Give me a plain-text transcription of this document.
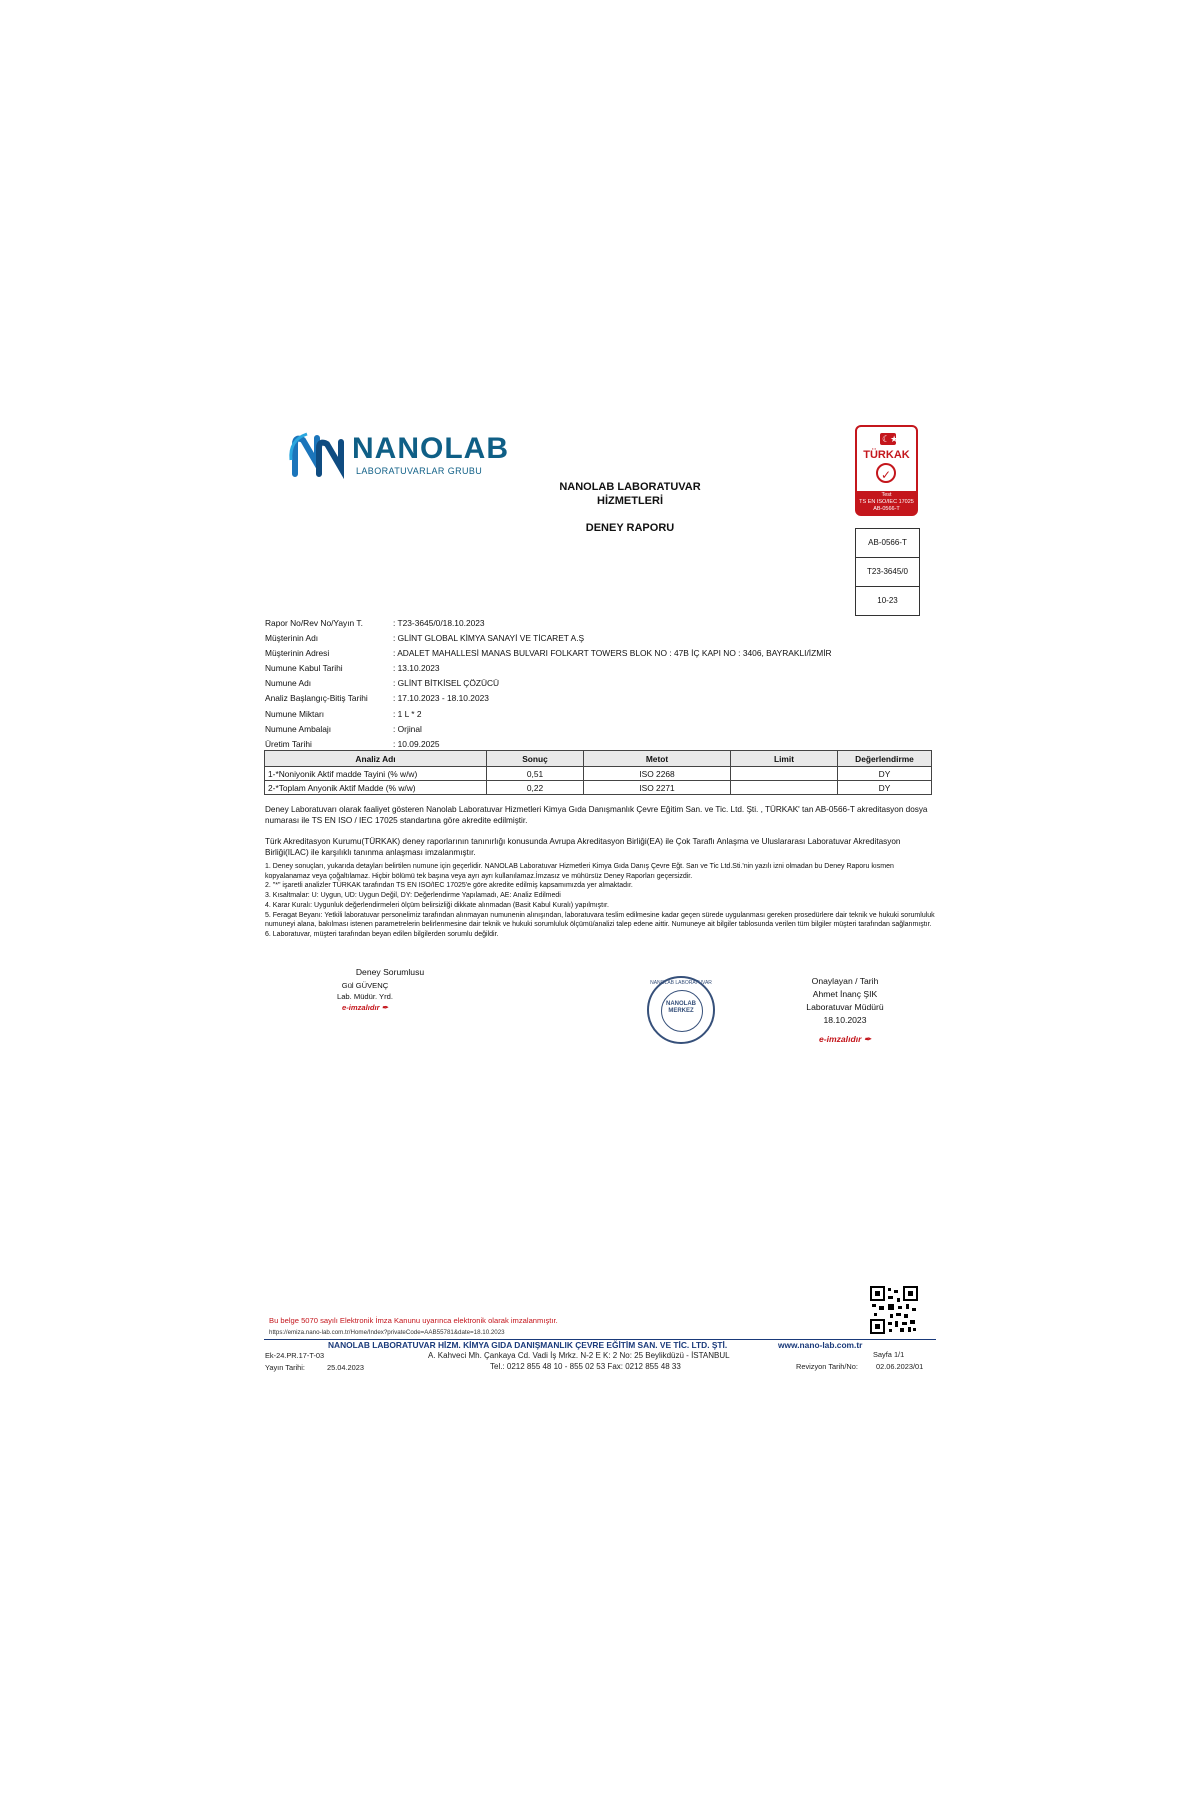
NANOLAB
LABORATUVARLAR GRUBU
NANOLAB LABORATUVAR
HİZMETLERİ
DENEY RAPORU
☾★
TÜRKAK
✓
Test
TS EN ISO/IEC 17025
AB-0566-T
AB-0566-T
T23-3645/0
10-23
Rapor No/Rev No/Yayın T.	: T23-3645/0/18.10.2023
Müşterinin Adı	: GLİNT GLOBAL KİMYA SANAYİ VE TİCARET A.Ş
Müşterinin Adresi	: ADALET MAHALLESİ MANAS BULVARI FOLKART TOWERS BLOK NO : 47B İÇ KAPI NO : 3406, BAYRAKLI/İZMİR
Numune Kabul Tarihi	: 13.10.2023
Numune Adı	: GLİNT BİTKİSEL ÇÖZÜCÜ
Analiz Başlangıç-Bitiş Tarihi	: 17.10.2023 - 18.10.2023
Numune Miktarı	: 1 L * 2
Numune Ambalajı	: Orjinal
Üretim Tarihi	: 10.09.2025
Analiz Adı	Sonuç	Metot	Limit	Değerlendirme
1-*Noniyonik Aktif madde Tayini (% w/w)	0,51	ISO 2268		DY
2-*Toplam Anyonik Aktif Madde (% w/w)	0,22	ISO 2271		DY
Deney Laboratuvarı olarak faaliyet gösteren Nanolab Laboratuvar Hizmetleri Kimya Gıda Danışmanlık Çevre Eğitim San. ve Tic. Ltd. Şti. , TÜRKAK' tan AB-0566-T akreditasyon dosya numarası ile TS EN ISO / IEC 17025 standartına göre akredite edilmiştir.
Türk Akreditasyon Kurumu(TÜRKAK) deney raporlarının tanınırlığı konusunda Avrupa Akreditasyon Birliği(EA) ile Çok Taraflı Anlaşma ve Uluslararası Laboratuvar Akreditasyon Birliği(ILAC) ile karşılıklı tanınma anlaşması imzalanmıştır.
1. Deney sonuçları, yukarıda detayları belirtilen numune için geçerlidir. NANOLAB Laboratuvar Hizmetleri Kimya Gıda Danış Çevre Eğt. San ve Tic Ltd.Sti.'nin yazılı izni olmadan bu Deney Raporu kısmen kopyalanamaz veya çoğaltılamaz. Hiçbir bölümü tek başına veya ayrı ayrı kullanılamaz.İmzasız ve mühürsüz Deney Raporları geçersizdir.
2. "*" işaretli analizler TÜRKAK tarafından TS EN ISO/IEC 17025'e göre akredite edilmiş kapsamımızda yer almaktadır.
3. Kısaltmalar: U: Uygun, UD: Uygun Değil, DY: Değerlendirme Yapılamadı, AE: Analiz Edilmedi
4. Karar Kuralı: Uygunluk değerlendirmeleri ölçüm belirsizliği dikkate alınmadan (Basit Kabul Kuralı) yapılmıştır.
5. Feragat Beyanı: Yetkili laboratuvar personelimiz tarafından alınmayan numunenin alınışından, laboratuvara teslim edilmesine kadar geçen sürede uygulanması gereken prosedürlere dair teknik ve hukuki sorumluluk numuneyi alana, bakılması istenen parametrelerin belirlenmesine dair teknik ve hukuki sorumluluk ölçümü/analizi talep edene aittir. Numuneye ait bilgiler tablosunda verilen tüm bilgiler müşteri tarafından sağlanmıştır.
6. Laboratuvar, müşteri tarafından beyan edilen bilgilerden sorumlu değildir.
Deney Sorumlusu
Gül GÜVENÇ
Lab. Müdür. Yrd.
e-imzalıdır ✒
NANOLAB LABORATUVAR
NANOLAB
MERKEZ
Onaylayan / Tarih
Ahmet İnanç ŞIK
Laboratuvar Müdürü
18.10.2023
e-imzalıdır ✒
Bu belge 5070 sayılı Elektronik İmza Kanunu uyarınca elektronik olarak imzalanmıştır.
https://emiza.nano-lab.com.tr/Home/Index?privateCode=AAB55781&date=18.10.2023
NANOLAB LABORATUVAR HİZM. KİMYA GIDA DANIŞMANLIK ÇEVRE EĞİTİM SAN. VE TİC. LTD. ŞTİ.	www.nano-lab.com.tr
Ek-24.PR.17-T-03
Yayın Tarihi:	25.04.2023
A. Kahveci Mh. Çankaya Cd. Vadi İş Mrkz. N-2 E K: 2 No: 25 Beylikdüzü - İSTANBUL
Tel.: 0212 855 48 10 - 855 02 53 Fax: 0212 855 48 33
Sayfa 1/1
Revizyon Tarih/No: 02.06.2023/01
